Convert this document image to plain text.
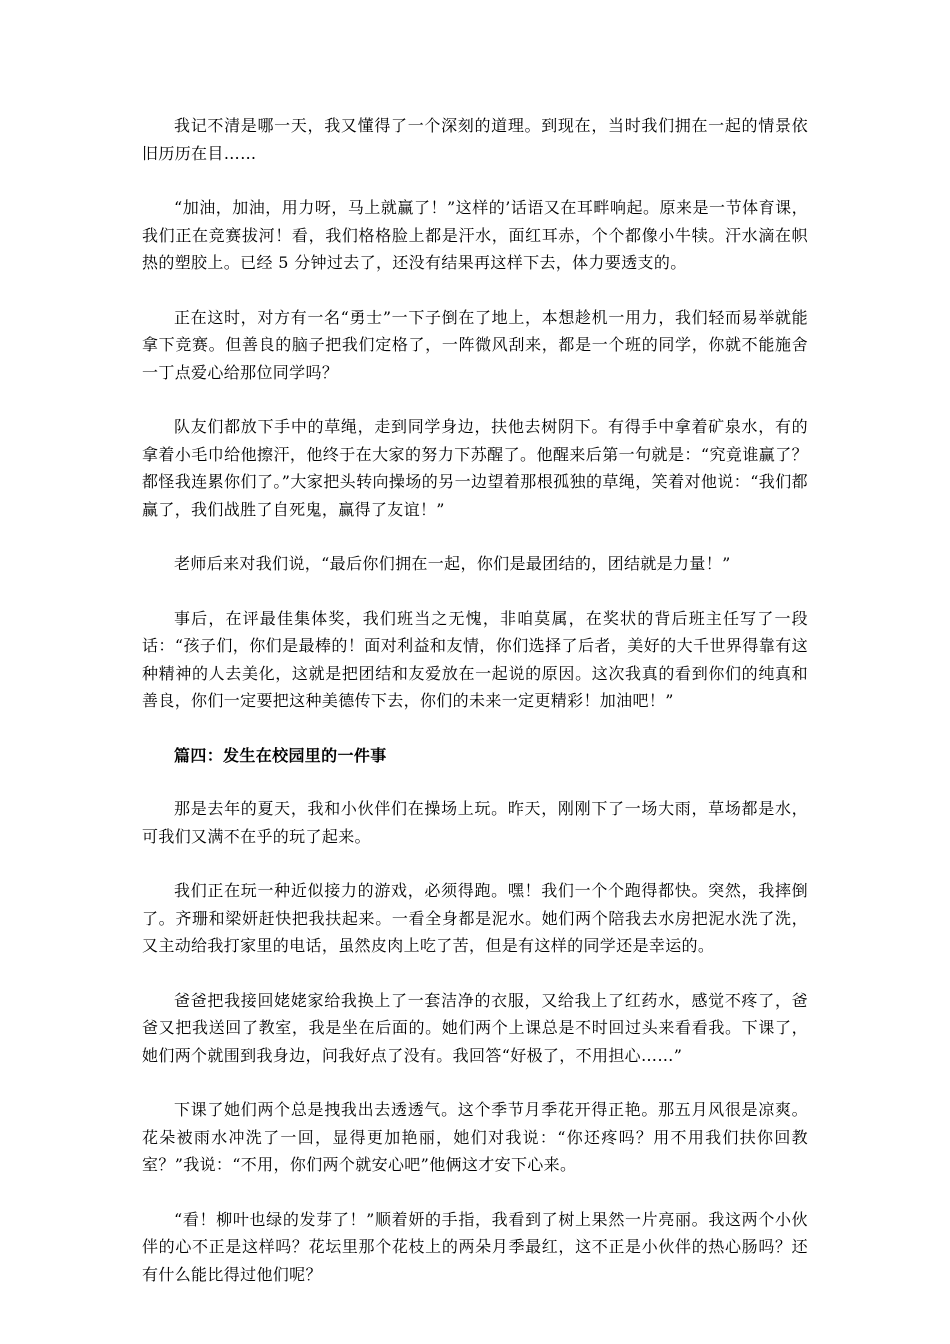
我记不清是哪一天，我又懂得了一个深刻的道理。到现在，当时我们拥在一起的情景依旧历历在目……

“加油，加油，用力呀，马上就赢了！”这样的’话语又在耳畔响起。原来是一节体育课，我们正在竞赛拔河！看，我们格格脸上都是汗水，面红耳赤，个个都像小牛犊。汗水滴在帜热的塑胶上。已经 5 分钟过去了，还没有结果再这样下去，体力要透支的。

正在这时，对方有一名“勇士”一下子倒在了地上，本想趁机一用力，我们轻而易举就能拿下竞赛。但善良的脑子把我们定格了，一阵微风刮来，都是一个班的同学，你就不能施舍一丁点爱心给那位同学吗？

队友们都放下手中的草绳，走到同学身边，扶他去树阴下。有得手中拿着矿泉水，有的拿着小毛巾给他擦汗，他终于在大家的努力下苏醒了。他醒来后第一句就是：“究竟谁赢了？都怪我连累你们了。”大家把头转向操场的另一边望着那根孤独的草绳，笑着对他说：“我们都赢了，我们战胜了自死鬼，赢得了友谊！”

老师后来对我们说，“最后你们拥在一起，你们是最团结的，团结就是力量！”

事后，在评最佳集体奖，我们班当之无愧，非咱莫属，在奖状的背后班主任写了一段话：“孩子们，你们是最棒的！面对利益和友情，你们选择了后者，美好的大千世界得靠有这种精神的人去美化，这就是把团结和友爱放在一起说的原因。这次我真的看到你们的纯真和善良，你们一定要把这种美德传下去，你们的未来一定更精彩！加油吧！”

篇四：发生在校园里的一件事

那是去年的夏天，我和小伙伴们在操场上玩。昨天，刚刚下了一场大雨，草场都是水，可我们又满不在乎的玩了起来。

我们正在玩一种近似接力的游戏，必须得跑。嘿！我们一个个跑得都快。突然，我摔倒了。齐珊和梁妍赶快把我扶起来。一看全身都是泥水。她们两个陪我去水房把泥水洗了洗，又主动给我打家里的电话，虽然皮肉上吃了苦，但是有这样的同学还是幸运的。

爸爸把我接回姥姥家给我换上了一套洁净的衣服，又给我上了红药水，感觉不疼了，爸爸又把我送回了教室，我是坐在后面的。她们两个上课总是不时回过头来看看我。下课了，她们两个就围到我身边，问我好点了没有。我回答“好极了，不用担心……”

下课了她们两个总是拽我出去透透气。这个季节月季花开得正艳。那五月风很是凉爽。花朵被雨水冲洗了一回，显得更加艳丽，她们对我说：“你还疼吗？用不用我们扶你回教室？”我说：“不用，你们两个就安心吧”他俩这才安下心来。

“看！柳叶也绿的发芽了！”顺着妍的手指，我看到了树上果然一片亮丽。我这两个小伙伴的心不正是这样吗？花坛里那个花枝上的两朵月季最红，这不正是小伙伴的热心肠吗？还有什么能比得过他们呢？
